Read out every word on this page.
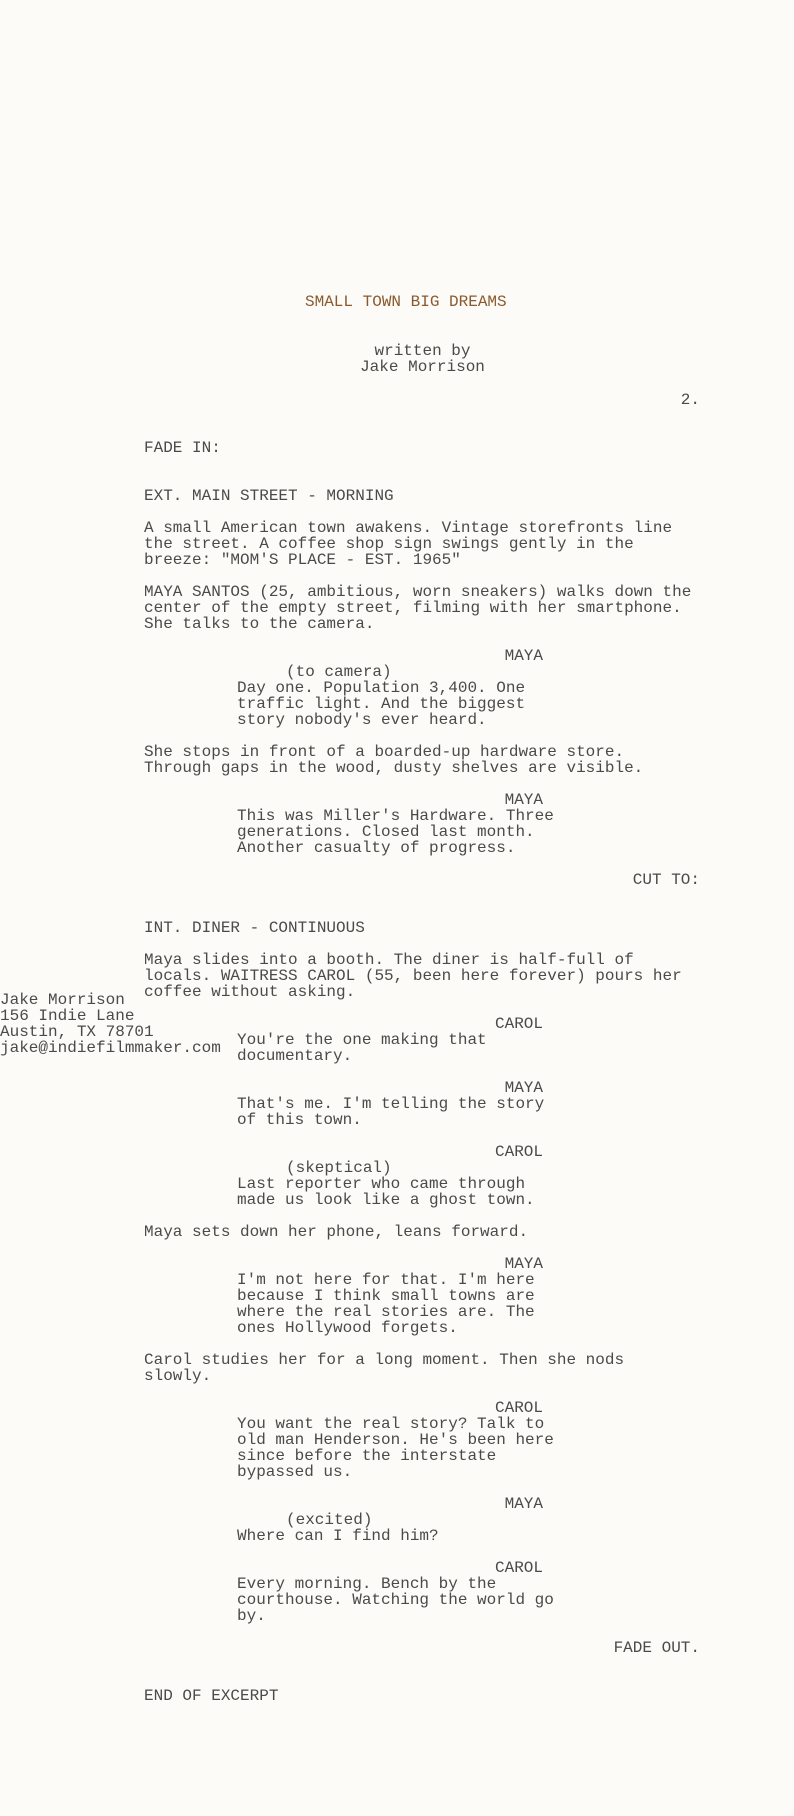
SMALL TOWN BIG DREAMS
written by
Jake Morrison
Jake Morrison
156 Indie Lane
Austin, TX 78701
jake@indiefilmmaker.com
2.
FADE IN:
EXT. MAIN STREET - MORNING
A small American town awakens. Vintage storefronts line
the street. A coffee shop sign swings gently in the
breeze: "MOM'S PLACE - EST. 1965"
MAYA SANTOS (25, ambitious, worn sneakers) walks down the
center of the empty street, filming with her smartphone.
She talks to the camera.
MAYA
(to camera)
Day one. Population 3,400. One
traffic light. And the biggest
story nobody's ever heard.
She stops in front of a boarded-up hardware store.
Through gaps in the wood, dusty shelves are visible.
MAYA
This was Miller's Hardware. Three
generations. Closed last month.
Another casualty of progress.
CUT TO:
INT. DINER - CONTINUOUS
Maya slides into a booth. The diner is half-full of
locals. WAITRESS CAROL (55, been here forever) pours her
coffee without asking.
CAROL
You're the one making that
documentary.
MAYA
That's me. I'm telling the story
of this town.
CAROL
(skeptical)
Last reporter who came through
made us look like a ghost town.
Maya sets down her phone, leans forward.
MAYA
I'm not here for that. I'm here
because I think small towns are
where the real stories are. The
ones Hollywood forgets.
Carol studies her for a long moment. Then she nods
slowly.
CAROL
You want the real story? Talk to
old man Henderson. He's been here
since before the interstate
bypassed us.
MAYA
(excited)
Where can I find him?
CAROL
Every morning. Bench by the
courthouse. Watching the world go
by.
FADE OUT.
END OF EXCERPT
